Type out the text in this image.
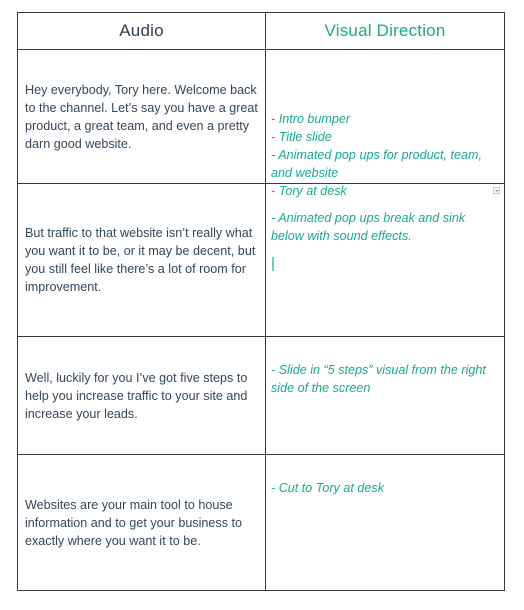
Audio	Visual Direction

Hey everybody, Tory here. Welcome back to the channel. Let’s say you have a great product, a great team, and even a pretty darn good website.

- Intro bumper
- Title slide
- Animated pop ups for product, team, and website
- Tory at desk

But traffic to that website isn’t really what you want it to be, or it may be decent, but you still feel like there’s a lot of room for improvement.

- Animated pop ups break and sink below with sound effects.
|

Well, luckily for you I’ve got five steps to help you increase traffic to your site and increase your leads.

- Slide in “5 steps” visual from the right side of the screen

Websites are your main tool to house information and to get your business to exactly where you want it to be.

- Cut to Tory at desk
